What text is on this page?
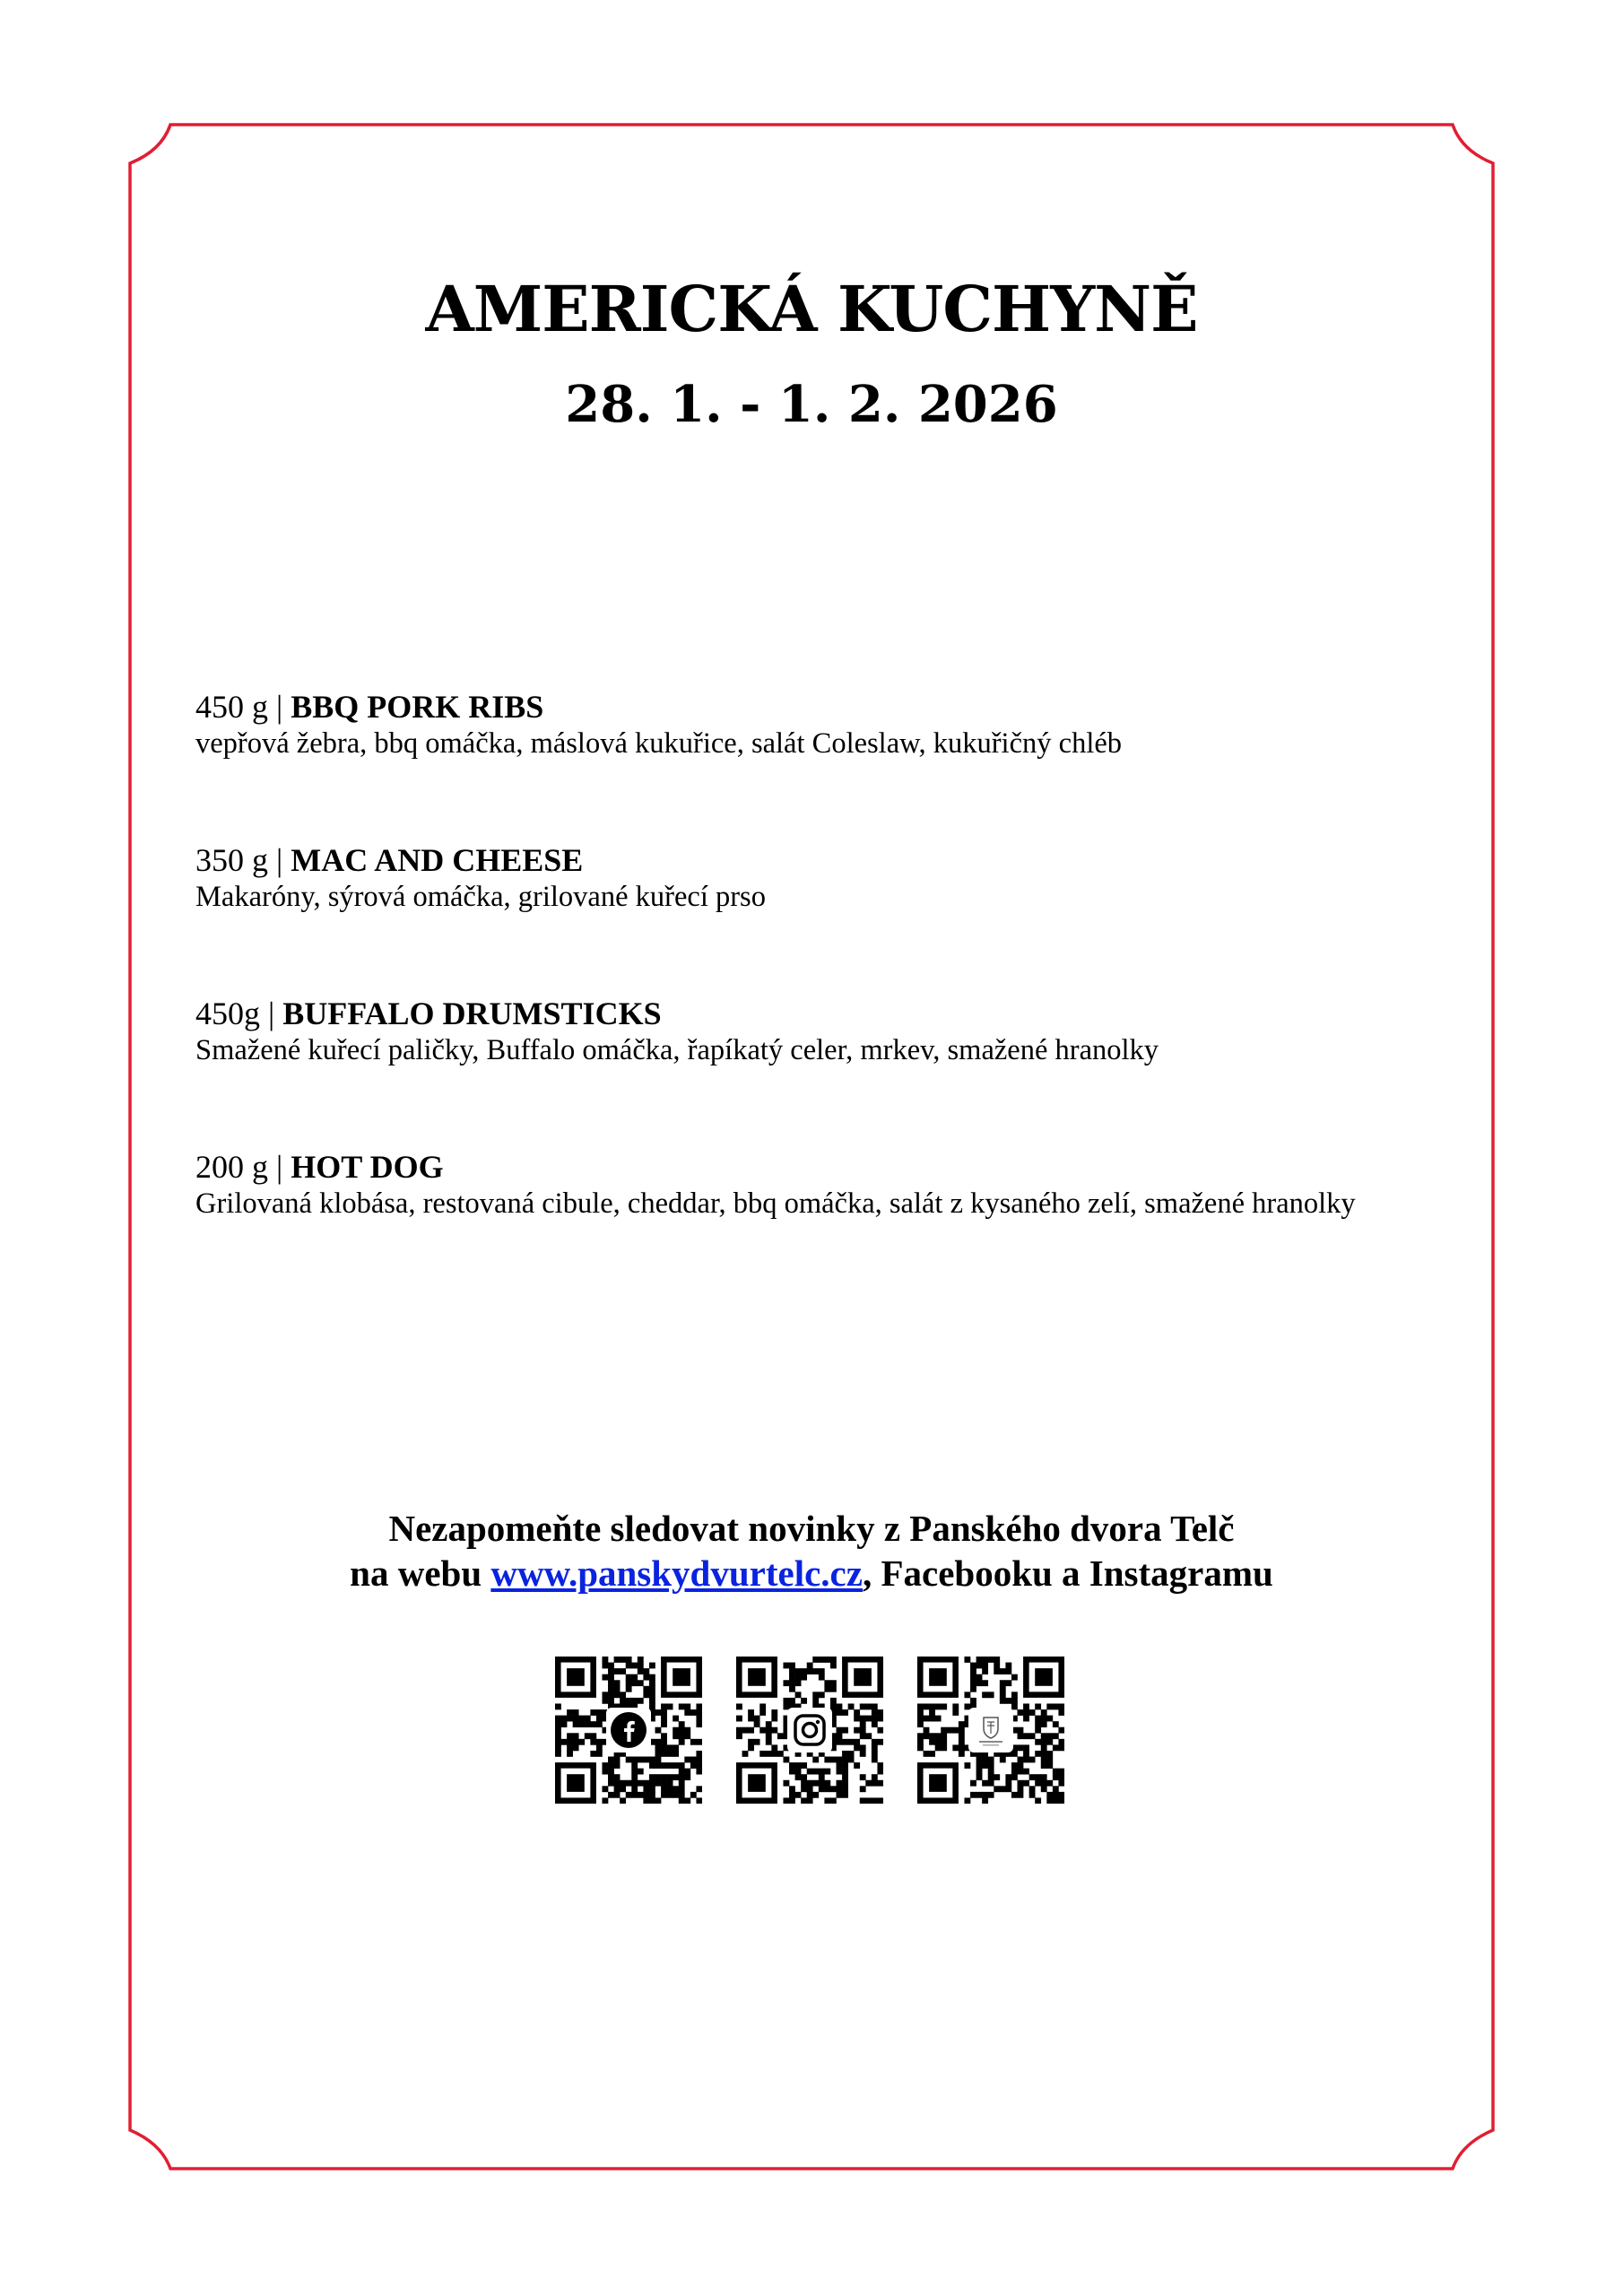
AMERICKÁ KUCHYNĚ
28. 1. - 1. 2. 2026
450 g | BBQ PORK RIBS
vepřová žebra, bbq omáčka, máslová kukuřice, salát Coleslaw, kukuřičný chléb
350 g | MAC AND CHEESE
Makaróny, sýrová omáčka, grilované kuřecí prso
450g | BUFFALO DRUMSTICKS
Smažené kuřecí paličky, Buffalo omáčka, řapíkatý celer, mrkev, smažené hranolky
200 g | HOT DOG
Grilovaná klobása, restovaná cibule, cheddar, bbq omáčka, salát z kysaného zelí, smažené hranolky
Nezapomeňte sledovat novinky z Panského dvora Telč
na webu www.panskydvurtelc.cz, Facebooku a Instagramu
